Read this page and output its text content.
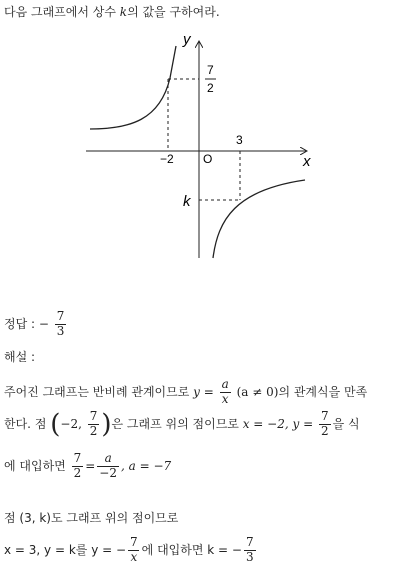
다음 그래프에서 상수 k의 값을 구하여라.
y
x
O
−2
3
k
7
2
정답 : − $\frac{7}{3}$
해설 :
주어진 그래프는 반비례 관계이므로 $y = \frac{a}{x} (a \ne 0)$의 관계식을 만족
한다. 점 (−2, $\frac{7}{2}$ )은 그래프 위의 점이므로 x = −2, $y = \frac{7}{2}$ 을 식
에 대입하면 $\frac{7}{2} = \frac{a}{-2}$ , a = −7
점 (3, k)도 그래프 위의 점이므로
x = 3, y = k를 y = − $\frac{7}{x}$ 에 대입하면 k = − $\frac{7}{3}$
